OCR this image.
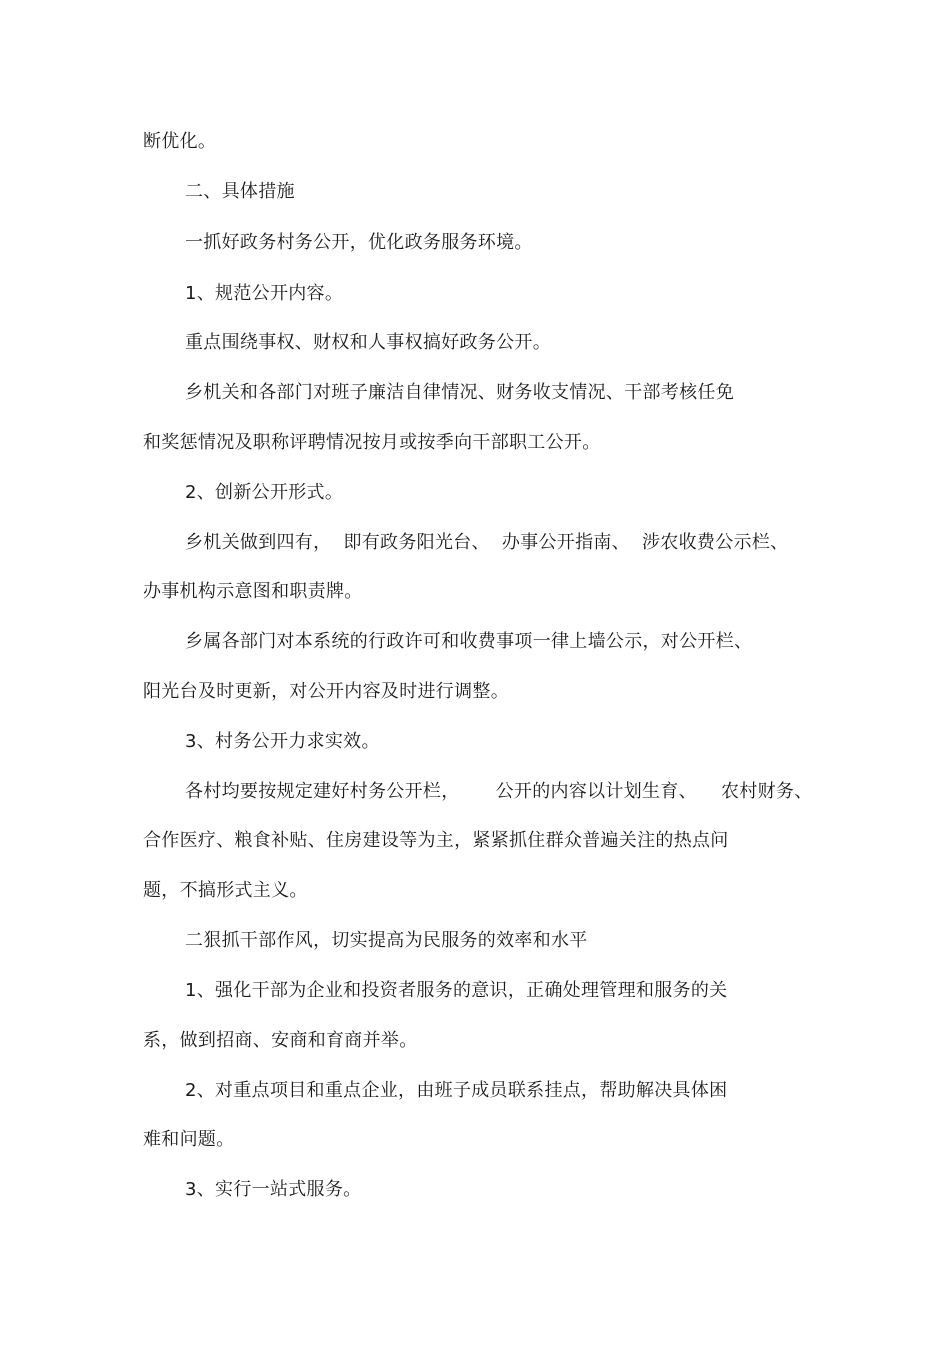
断优化。
二、具体措施
一抓好政务村务公开，优化政务服务环境。
1、规范公开内容。
重点围绕事权、财权和人事权搞好政务公开。
乡机关和各部门对班子廉洁自律情况、财务收支情况、干部考核任免
和奖惩情况及职称评聘情况按月或按季向干部职工公开。
2、创新公开形式。
乡机关做到四有，  即有政务阳光台、  办事公开指南、  涉农收费公示栏、
办事机构示意图和职责牌。
乡属各部门对本系统的行政许可和收费事项一律上墙公示，对公开栏、
阳光台及时更新，对公开内容及时进行调整。
3、村务公开力求实效。
各村均要按规定建好村务公开栏，      公开的内容以计划生育、    农村财务、
合作医疗、粮食补贴、住房建设等为主，紧紧抓住群众普遍关注的热点问
题，不搞形式主义。
二狠抓干部作风，切实提高为民服务的效率和水平
1、强化干部为企业和投资者服务的意识，正确处理管理和服务的关
系，做到招商、安商和育商并举。
2、对重点项目和重点企业，由班子成员联系挂点，帮助解决具体困
难和问题。
3、实行一站式服务。
